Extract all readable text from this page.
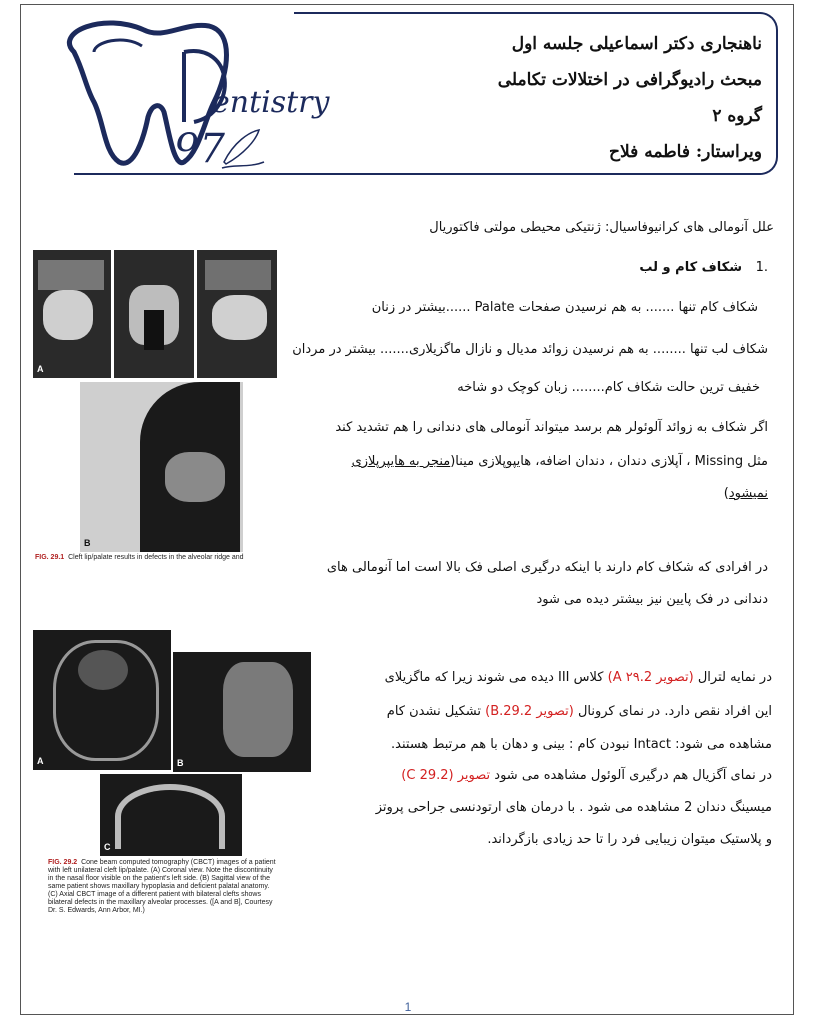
entistry
97
ناهنجاری دکتر اسماعیلی جلسه اول
مبحث رادیوگرافی در اختلالات تکاملی
گروه ۲
ویراستار: فاطمه فلاح
علل آنومالی های کرانیوفاسیال: ژنتیکی محیطی مولتی فاکتوریال
.1   شکاف کام و لب
شکاف کام تنها ....... به هم نرسیدن صفحات Palate ......بیشتر در زنان
شکاف لب تنها ........ به هم نرسیدن زوائد مدیال و نازال ماگزیلاری....... بیشتر در مردان
خفیف ترین حالت شکاف کام........ زبان کوچک دو شاخه
اگر شکاف به زوائد آلوئولر هم برسد میتواند آنومالی های دندانی را هم تشدید کند
مثل Missing ، آپلازی دندان ، دندان اضافه، هایپوپلازی مینا(منجر به هایپرپلازی
نمیشود)
در افرادی که شکاف کام دارند با اینکه درگیری اصلی فک بالا است اما آنومالی های
دندانی در فک پایین نیز بیشتر دیده می شود
در نمایه لترال (تصویر ۲۹.2 A) کلاس III دیده می شوند زیرا که ماگزیلای
این افراد نقص دارد. در نمای کرونال (تصویر B.29.2) تشکیل نشدن کام
مشاهده می شود: Intact نبودن کام : بینی و دهان با هم مرتبط هستند.
در نمای آگزیال هم درگیری آلوئول مشاهده می شود تصویر (29.2 C)
میسینگ دندان 2 مشاهده می شود . با درمان های ارتودنسی جراحی پروتز
و پلاستیک میتوان زیبایی فرد را تا حد زیادی بازگرداند.
A
B
FIG. 29.1 Cleft lip/palate results in defects in the alveolar ridge and
A	B
C
FIG. 29.2 Cone beam computed tomography (CBCT) images of a patient with left unilateral cleft lip/palate. (A) Coronal view. Note the discontinuity in the nasal floor visible on the patient's left side. (B) Sagittal view of the same patient shows maxillary hypoplasia and deficient palatal anatomy. (C) Axial CBCT image of a different patient with bilateral clefts shows bilateral defects in the maxillary alveolar processes. ([A and B], Courtesy Dr. S. Edwards, Ann Arbor, MI.)
1
